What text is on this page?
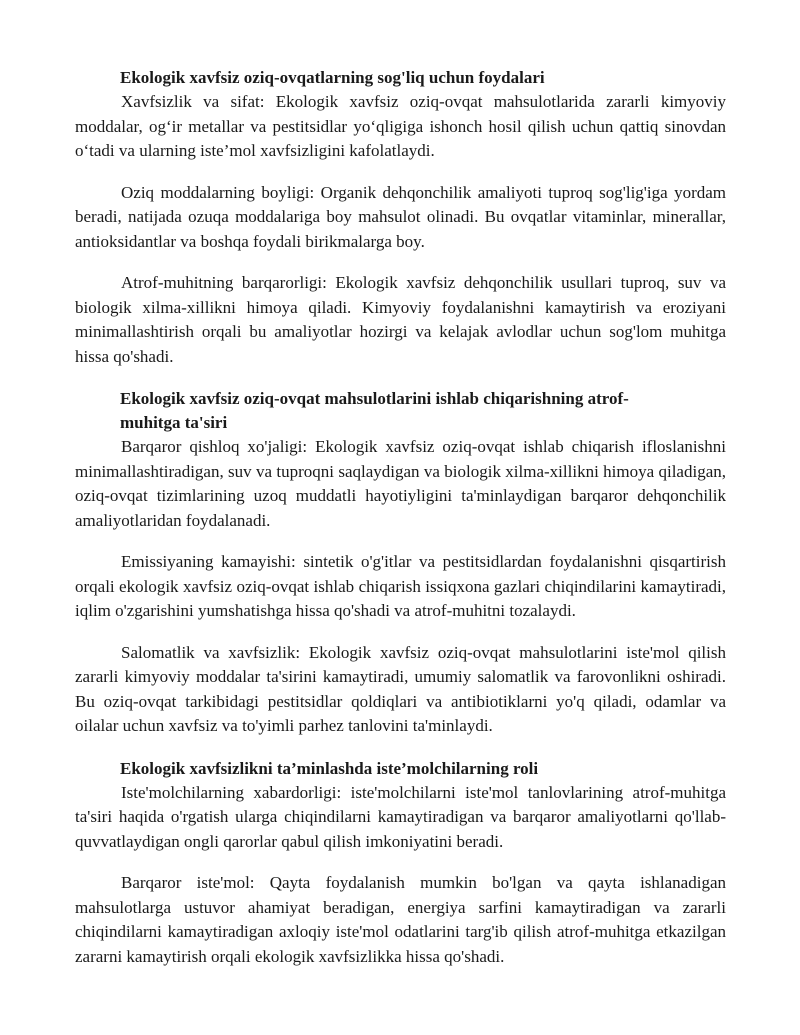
Ekologik xavfsiz oziq-ovqatlarning sog'liq uchun foydalari

Xavfsizlik va sifat: Ekologik xavfsiz oziq-ovqat mahsulotlarida zararli kimyoviy moddalar, og‘ir metallar va pestitsidlar yo‘qligiga ishonch hosil qilish uchun qattiq sinovdan o‘tadi va ularning iste’mol xavfsizligini kafolatlaydi.

Oziq moddalarning boyligi: Organik dehqonchilik amaliyoti tuproq sog'lig'iga yordam beradi, natijada ozuqa moddalariga boy mahsulot olinadi. Bu ovqatlar vitaminlar, minerallar, antioksidantlar va boshqa foydali birikmalarga boy.

Atrof-muhitning barqarorligi: Ekologik xavfsiz dehqonchilik usullari tuproq, suv va biologik xilma-xillikni himoya qiladi. Kimyoviy foydalanishni kamaytirish va eroziyani minimallashtirish orqali bu amaliyotlar hozirgi va kelajak avlodlar uchun sog'lom muhitga hissa qo'shadi.

Ekologik xavfsiz oziq-ovqat mahsulotlarini ishlab chiqarishning atrof-muhitga ta'siri

Barqaror qishloq xo'jaligi: Ekologik xavfsiz oziq-ovqat ishlab chiqarish ifloslanishni minimallashtiradigan, suv va tuproqni saqlaydigan va biologik xilma-xillikni himoya qiladigan, oziq-ovqat tizimlarining uzoq muddatli hayotiyligini ta'minlaydigan barqaror dehqonchilik amaliyotlaridan foydalanadi.

Emissiyaning kamayishi: sintetik o'g'itlar va pestitsidlardan foydalanishni qisqartirish orqali ekologik xavfsiz oziq-ovqat ishlab chiqarish issiqxona gazlari chiqindilarini kamaytiradi, iqlim o'zgarishini yumshatishga hissa qo'shadi va atrof-muhitni tozalaydi.

Salomatlik va xavfsizlik: Ekologik xavfsiz oziq-ovqat mahsulotlarini iste'mol qilish zararli kimyoviy moddalar ta'sirini kamaytiradi, umumiy salomatlik va farovonlikni oshiradi. Bu oziq-ovqat tarkibidagi pestitsidlar qoldiqlari va antibiotiklarni yo'q qiladi, odamlar va oilalar uchun xavfsiz va to'yimli parhez tanlovini ta'minlaydi.

Ekologik xavfsizlikni ta’minlashda iste’molchilarning roli

Iste'molchilarning xabardorligi: iste'molchilarni iste'mol tanlovlarining atrof-muhitga ta'siri haqida o'rgatish ularga chiqindilarni kamaytiradigan va barqaror amaliyotlarni qo'llab-quvvatlaydigan ongli qarorlar qabul qilish imkoniyatini beradi.

Barqaror iste'mol: Qayta foydalanish mumkin bo'lgan va qayta ishlanadigan mahsulotlarga ustuvor ahamiyat beradigan, energiya sarfini kamaytiradigan va zararli chiqindilarni kamaytiradigan axloqiy iste'mol odatlarini targ'ib qilish atrof-muhitga etkazilgan zararni kamaytirish orqali ekologik xavfsizlikka hissa qo'shadi.
